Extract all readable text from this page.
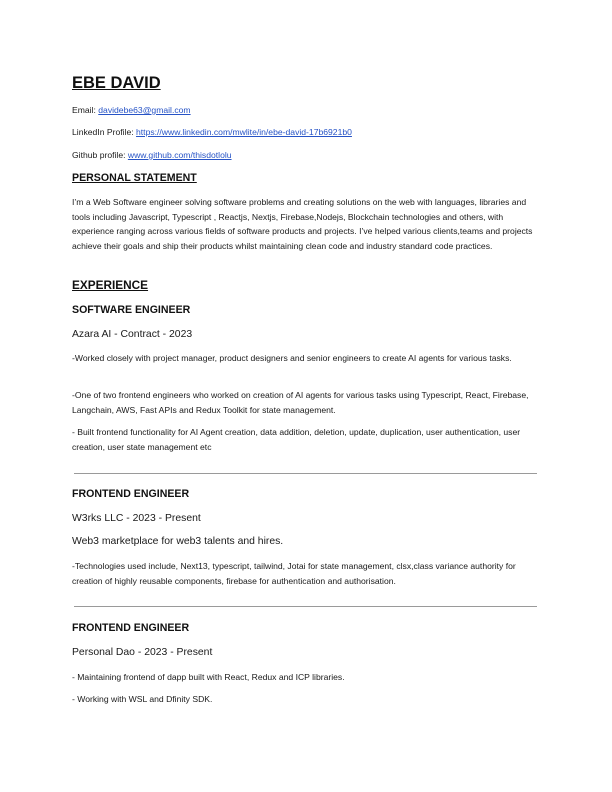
EBE DAVID
Email: davidebe63@gmail.com
LinkedIn Profile: https://www.linkedin.com/mwlite/in/ebe-david-17b6921b0
Github profile: www.github.com/thisdotlolu
PERSONAL STATEMENT
I’m a Web Software engineer solving software problems and creating solutions on the web with languages, libraries and tools including Javascript, Typescript , Reactjs, Nextjs, Firebase,Nodejs, Blockchain technologies and others, with experience ranging across various fields of software products and projects. I’ve helped various clients,teams and projects achieve their goals and ship their products whilst maintaining clean code and industry standard code practices.
EXPERIENCE
SOFTWARE ENGINEER
Azara AI - Contract - 2023
-Worked closely with project manager, product designers and senior engineers to create AI agents for various tasks.
-One of two frontend engineers who worked on creation of AI agents for various tasks using Typescript, React, Firebase, Langchain, AWS, Fast APIs and Redux Toolkit for state management.
- Built frontend functionality for AI Agent creation, data addition, deletion, update, duplication, user authentication, user creation, user state management etc
FRONTEND ENGINEER
W3rks LLC - 2023 - Present
Web3 marketplace for web3 talents and hires.
-Technologies used include, Next13, typescript, tailwind, Jotai for state management, clsx,class variance authority for creation of highly reusable components, firebase for authentication and authorisation.
FRONTEND ENGINEER
Personal Dao - 2023 - Present
- Maintaining frontend of dapp built with React, Redux and ICP libraries.
- Working with WSL and Dfinity SDK.
